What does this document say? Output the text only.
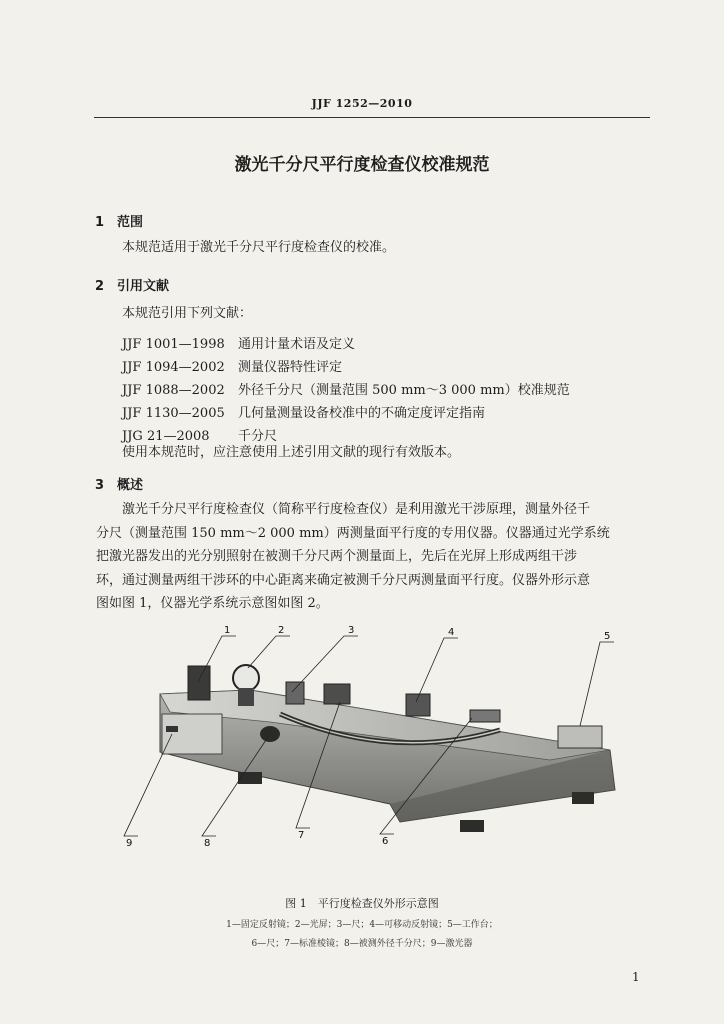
JJF 1252—2010
激光千分尺平行度检查仪校准规范
1 范围
本规范适用于激光千分尺平行度检查仪的校准。
2 引用文献
本规范引用下列文献：
JJF 1001—1998 通用计量术语及定义
JJF 1094—2002 测量仪器特性评定
JJF 1088—2002 外径千分尺（测量范围 500 mm～3 000 mm）校准规范
JJF 1130—2005 几何量测量设备校准中的不确定度评定指南
JJG 21—2008 千分尺
使用本规范时，应注意使用上述引用文献的现行有效版本。
3 概述
激光千分尺平行度检查仪（简称平行度检查仪）是利用激光干涉原理，测量外径千
分尺（测量范围 150 mm～2 000 mm）两测量面平行度的专用仪器。仪器通过光学系统
把激光器发出的光分别照射在被测千分尺两个测量面上，先后在光屏上形成两组干涉
环，通过测量两组干涉环的中心距离来确定被测千分尺两测量面平行度。仪器外形示意
图如图 1，仪器光学系统示意图如图 2。
1	2	3	4	5
6
7
8
9
图 1　平行度检查仪外形示意图
1—固定反射镜；2—光屏；3—尺；4—可移动反射镜；5—工作台；
6—尺；7—标准棱镜；8—被测外径千分尺；9—激光器
1
